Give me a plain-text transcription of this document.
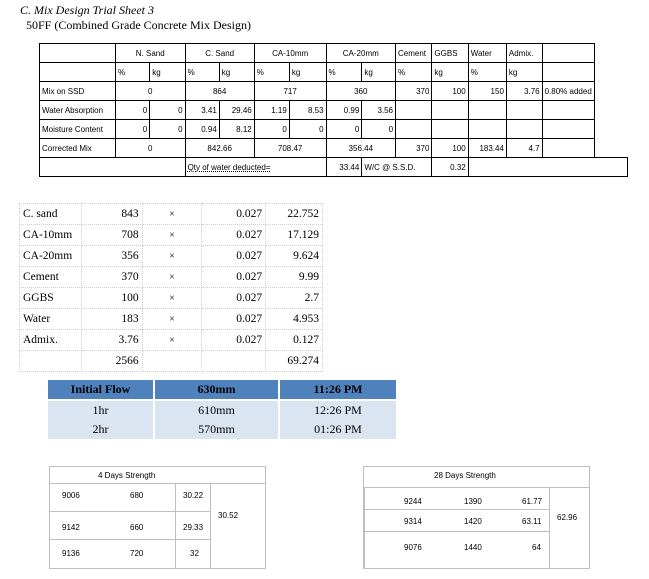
C. Mix Design Trial Sheet 3
50FF (Combined Grade Concrete Mix Design)
	N. Sand		C. Sand		CA-10mm		CA-20mm		Cement	GGBS	Water	Admix.	
	%	kg	%	kg	%	kg	%	kg	%	kg	%	kg	
Mix on SSD	0		864		717		360		370	100	150	3.76	0.80% added
Water Absorption	0	0	3.41	29.46	1.19	8.53	0.99	3.56					
Moisture Content	0	0	0.94	8.12	0	0	0	0					
Corrected Mix	0		842.66		708.47		356.44		370	100	183.44	4.7	
			Qty of water deducted=				33.44	W/C @ S.S.D.		0.32			
C. sand	843	×	0.027	22.752
CA-10mm	708	×	0.027	17.129
CA-20mm	356	×	0.027	9.624
Cement	370	×	0.027	9.99
GGBS	100	×	0.027	2.7
Water	183	×	0.027	4.953
Admix.	3.76	×	0.027	0.127
	2566			69.274
Initial Flow	630mm	11:26 PM
1hr	610mm	12:26 PM
2hr	570mm	01:26 PM
4 Days Strength
9006	680	30.22
9142	660	29.33
9136	720	32
30.52
28 Days Strength
9244	1390	61.77
9314	1420	63.11
9076	1440	64
62.96
